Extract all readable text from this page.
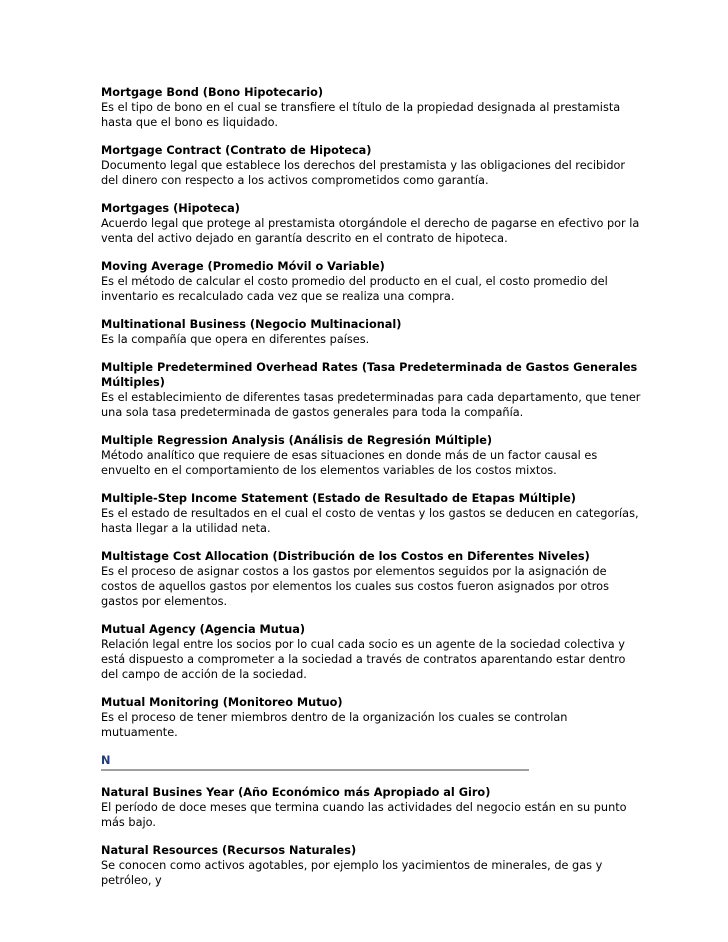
Mortgage Bond (Bono Hipotecario)

Es el tipo de bono en el cual se transfiere el título de la propiedad designada al prestamista hasta que el bono es liquidado.

Mortgage Contract (Contrato de Hipoteca)

Documento legal que establece los derechos del prestamista y las obligaciones del recibidor del dinero con respecto a los activos comprometidos como garantía.

Mortgages (Hipoteca)

Acuerdo legal que protege al prestamista otorgándole el derecho de pagarse en efectivo por la venta del activo dejado en garantía descrito en el contrato de hipoteca.

Moving Average (Promedio Móvil o Variable)

Es el método de calcular el costo promedio del producto en el cual, el costo promedio del inventario es recalculado cada vez que se realiza una compra.

Multinational Business (Negocio Multinacional)

Es la compañía que opera en diferentes países.

Multiple Predetermined Overhead Rates (Tasa Predeterminada de Gastos Generales Múltiples)

Es el establecimiento de diferentes tasas predeterminadas para cada departamento, que tener una sola tasa predeterminada de gastos generales para toda la compañía.

Multiple Regression Analysis (Análisis de Regresión Múltiple)

Método analítico que requiere de esas situaciones en donde más de un factor causal es envuelto en el comportamiento de los elementos variables de los costos mixtos.

Multiple-Step Income Statement (Estado de Resultado de Etapas Múltiple)

Es el estado de resultados en el cual el costo de ventas y los gastos se deducen en categorías, hasta llegar a la utilidad neta.

Multistage Cost Allocation (Distribución de los Costos en Diferentes Niveles)

Es el proceso de asignar costos a los gastos por elementos seguidos por la asignación de costos de aquellos gastos por elementos los cuales sus costos fueron asignados por otros gastos por elementos.

Mutual Agency (Agencia Mutua)

Relación legal entre los socios por lo cual cada socio es un agente de la sociedad colectiva y está dispuesto a comprometer a la sociedad a través de contratos aparentando estar dentro del campo de acción de la sociedad.

Mutual Monitoring (Monitoreo Mutuo)

Es el proceso de tener miembros dentro de la organización los cuales se controlan mutuamente.

N

Natural Busines Year (Año Económico más Apropiado al Giro)

El período de doce meses que termina cuando las actividades del negocio están en su punto más bajo.

Natural Resources (Recursos Naturales)

Se conocen como activos agotables, por ejemplo los yacimientos de minerales, de gas y petróleo, y
